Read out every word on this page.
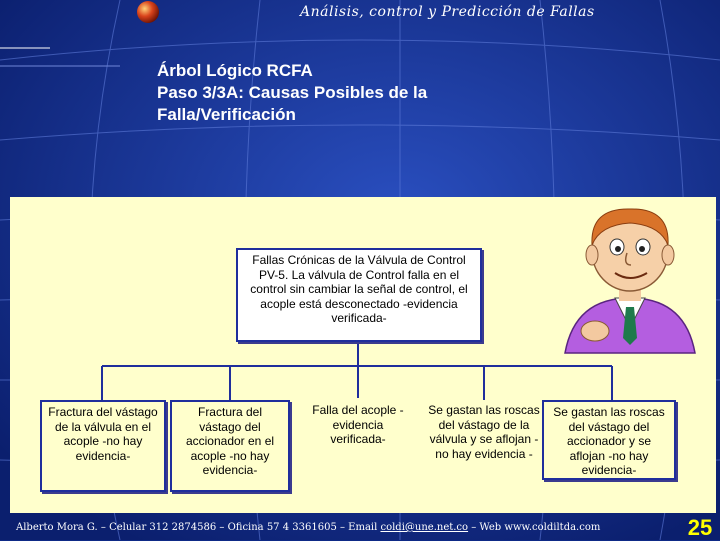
Análisis, control y Predicción de Fallas
Árbol Lógico RCFA
Paso 3/3A: Causas Posibles de la
Falla/Verificación
Fallas Crónicas de la Válvula de Control PV-5. La válvula de Control falla en el control sin cambiar la señal de control, el acople está desconectado -evidencia verificada-
Fractura del vástago de la válvula en el acople -no hay evidencia-
Fractura del vástago del accionador en el acople -no hay evidencia-
Falla del acople -evidencia verificada-
Se gastan las roscas del vástago de la válvula y se aflojan -no hay evidencia -
Se gastan las roscas del vástago del accionador y se aflojan -no hay evidencia-
Alberto Mora G. – Celular 312 2874586 – Oficina 57 4 3361605 – Email coldi@une.net.co – Web www.coldiltda.com	25
